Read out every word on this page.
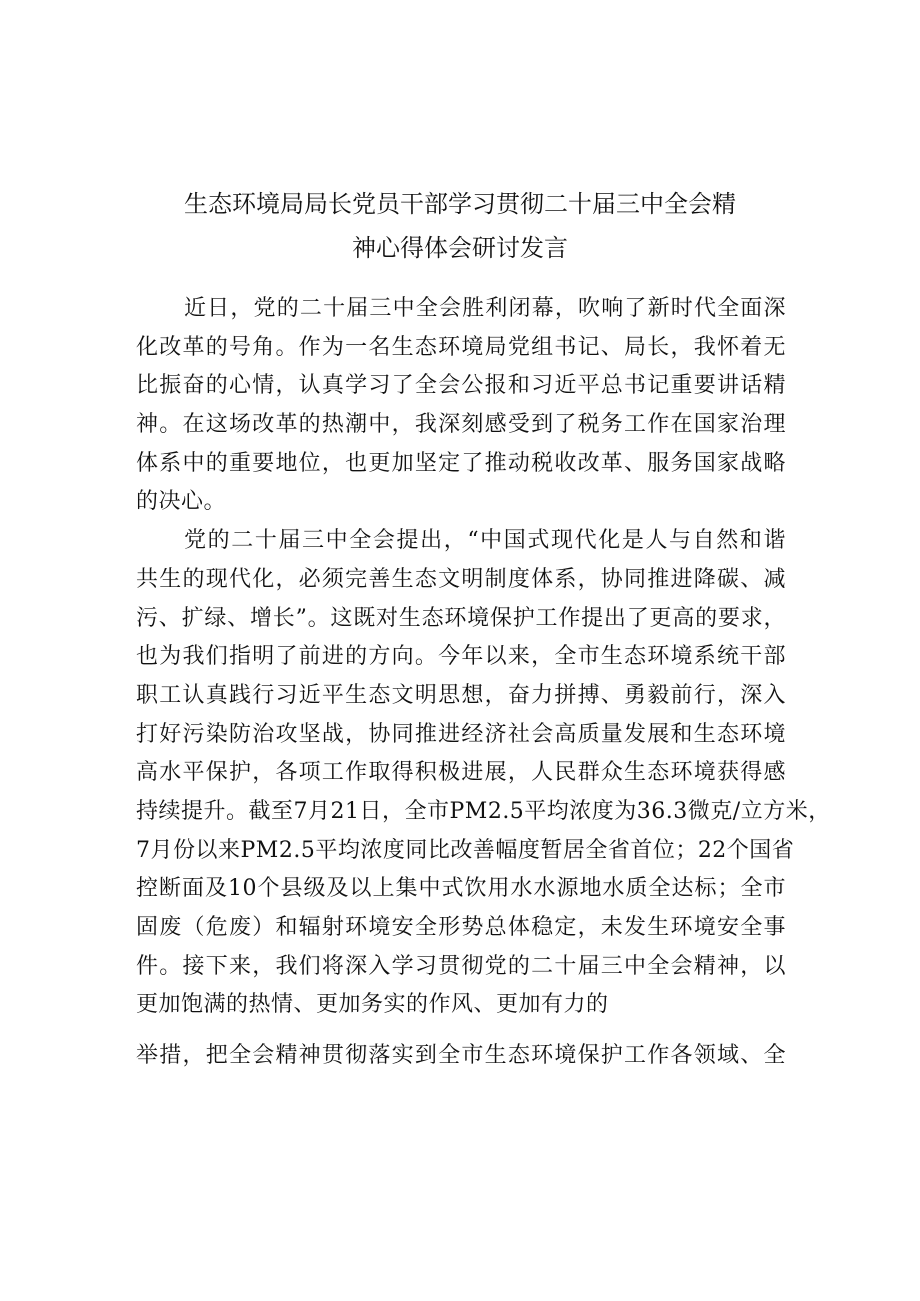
生态环境局局长党员干部学习贯彻二十届三中全会精
神心得体会研讨发言
近日，党的二十届三中全会胜利闭幕，吹响了新时代全面深
化改革的号角。作为一名生态环境局党组书记、局长，我怀着无
比振奋的心情，认真学习了全会公报和习近平总书记重要讲话精
神。在这场改革的热潮中，我深刻感受到了税务工作在国家治理
体系中的重要地位，也更加坚定了推动税收改革、服务国家战略
的决心。
党的二十届三中全会提出，“中国式现代化是人与自然和谐
共生的现代化，必须完善生态文明制度体系，协同推进降碳、减
污、扩绿、增长”。这既对生态环境保护工作提出了更高的要求，
也为我们指明了前进的方向。今年以来，全市生态环境系统干部
职工认真践行习近平生态文明思想，奋力拼搏、勇毅前行，深入
打好污染防治攻坚战，协同推进经济社会高质量发展和生态环境
高水平保护，各项工作取得积极进展，人民群众生态环境获得感
持续提升。截至7月21日，全市PM2.5平均浓度为36.3微克/立方米，
7月份以来PM2.5平均浓度同比改善幅度暂居全省首位；22个国省
控断面及10个县级及以上集中式饮用水水源地水质全达标；全市
固废（危废）和辐射环境安全形势总体稳定，未发生环境安全事
件。接下来，我们将深入学习贯彻党的二十届三中全会精神，以
更加饱满的热情、更加务实的作风、更加有力的
举措，把全会精神贯彻落实到全市生态环境保护工作各领域、全
